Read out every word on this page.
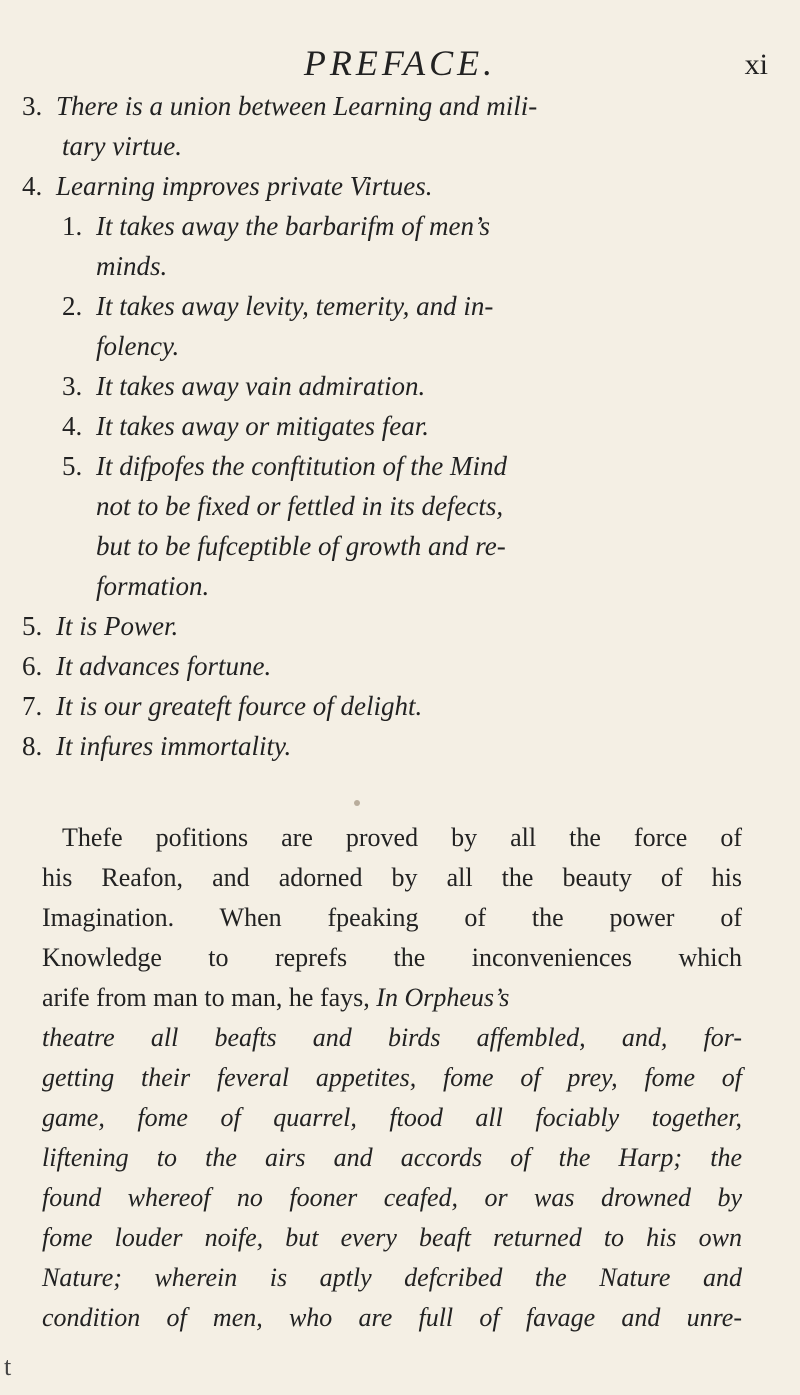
PREFACE.	xi
3. There is a union between Learning and mili-
tary virtue.
4. Learning improves private Virtues.
1. It takes away the barbarifm of men’s
minds.
2. It takes away levity, temerity, and in-
folency.
3. It takes away vain admiration.
4. It takes away or mitigates fear.
5. It difpofes the conftitution of the Mind
not to be fixed or fettled in its defects,
but to be fufceptible of growth and re-
formation.
5. It is Power.
6. It advances fortune.
7. It is our greateft fource of delight.
8. It infures immortality.
Thefe pofitions are proved by all the force of
his Reafon, and adorned by all the beauty of his
Imagination. When fpeaking of the power of
Knowledge to reprefs the inconveniences which
arife from man to man, he fays, In Orpheus’s
theatre all beafts and birds affembled, and, for-
getting their feveral appetites, fome of prey, fome of
game, fome of quarrel, ftood all fociably together,
liftening to the airs and accords of the Harp; the
found whereof no fooner ceafed, or was drowned by
fome louder noife, but every beaft returned to his own
Nature; wherein is aptly defcribed the Nature and
condition of men, who are full of favage and unre-
t
